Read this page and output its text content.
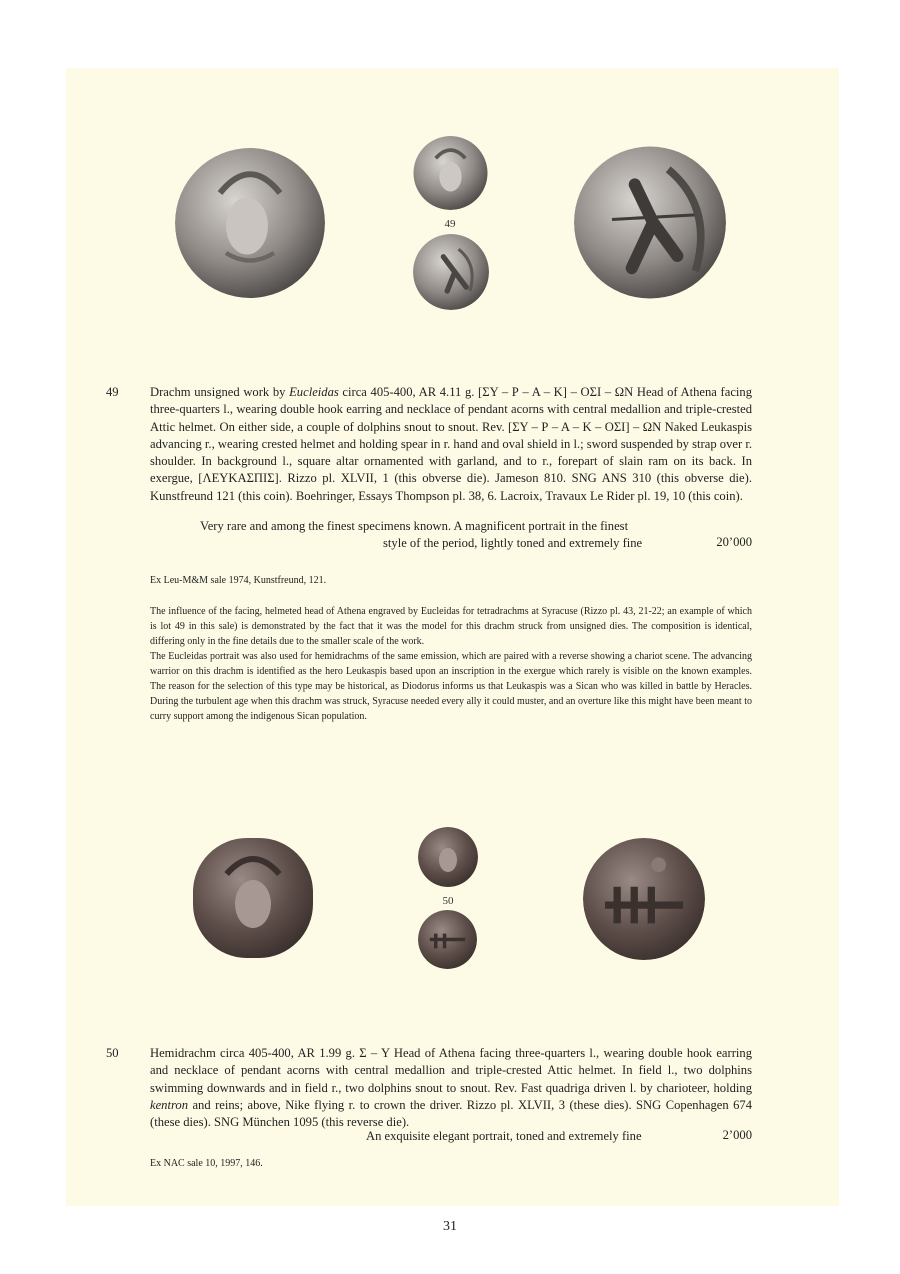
49
49 Drachm unsigned work by Eucleidas circa 405-400, AR 4.11 g. [ΣΥ – Ρ – Α – Κ] – ΟΣΙ – ΩΝ Head of Athena facing three-quarters l., wearing double hook earring and necklace of pendant acorns with central medallion and triple-crested Attic helmet. On either side, a couple of dolphins snout to snout. Rev. [ΣΥ – Ρ – Α – Κ – ΟΣΙ] – ΩΝ Naked Leukaspis advancing r., wearing crested helmet and holding spear in r. hand and oval shield in l.; sword suspended by strap over r. shoulder. In background l., square altar ornamented with garland, and to r., forepart of slain ram on its back. In exergue, [ΛΕΥΚΑΣΠΙΣ]. Rizzo pl. XLVII, 1 (this obverse die). Jameson 810. SNG ANS 310 (this obverse die). Kunstfreund 121 (this coin). Boehringer, Essays Thompson pl. 38, 6. Lacroix, Travaux Le Rider pl. 19, 10 (this coin).
Very rare and among the finest specimens known. A magnificent portrait in the finest
style of the period, lightly toned and extremely fine	20’000
Ex Leu-M&M sale 1974, Kunstfreund, 121.
The influence of the facing, helmeted head of Athena engraved by Eucleidas for tetradrachms at Syracuse (Rizzo pl. 43, 21-22; an example of which is lot 49 in this sale) is demonstrated by the fact that it was the model for this drachm struck from unsigned dies. The composition is identical, differing only in the fine details due to the smaller scale of the work.
The Eucleidas portrait was also used for hemidrachms of the same emission, which are paired with a reverse showing a chariot scene. The advancing warrior on this drachm is identified as the hero Leukaspis based upon an inscription in the exergue which rarely is visible on the known examples. The reason for the selection of this type may be historical, as Diodorus informs us that Leukaspis was a Sican who was killed in battle by Heracles. During the turbulent age when this drachm was struck, Syracuse needed every ally it could muster, and an overture like this might have been meant to curry support among the indigenous Sican population.
50
50 Hemidrachm circa 405-400, AR 1.99 g. Σ – Υ Head of Athena facing three-quarters l., wearing double hook earring and necklace of pendant acorns with central medallion and triple-crested Attic helmet. In field l., two dolphins swimming downwards and in field r., two dolphins snout to snout. Rev. Fast quadriga driven l. by charioteer, holding kentron and reins; above, Nike flying r. to crown the driver. Rizzo pl. XLVII, 3 (these dies). SNG Copenhagen 674 (these dies). SNG München 1095 (this reverse die).
An exquisite elegant portrait, toned and extremely fine	2’000
Ex NAC sale 10, 1997, 146.
31
